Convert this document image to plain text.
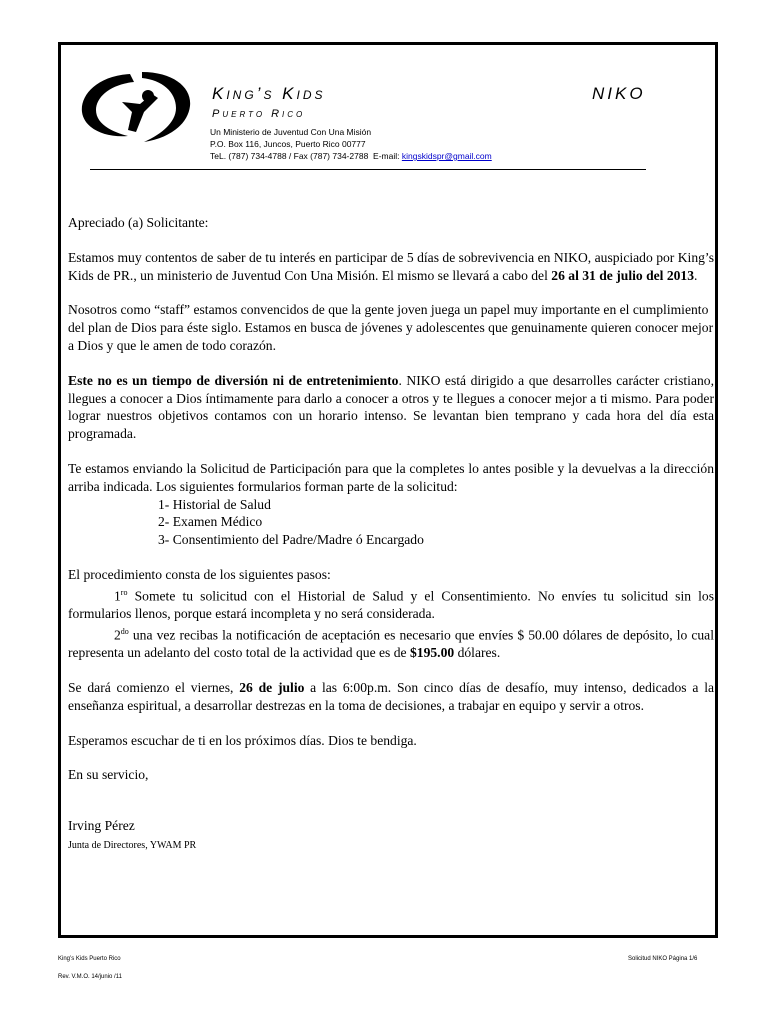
King’s Kids	NIKO
Puerto Rico
Un Ministerio de Juventud Con Una Misión
P.O. Box 116, Juncos, Puerto Rico 00777
TeL. (787) 734-4788 / Fax (787) 734-2788 E-mail: kingskidspr@gmail.com

Apreciado (a) Solicitante:

Estamos muy contentos de saber de tu interés en participar de 5 días de sobrevivencia en NIKO, auspiciado por King’s Kids de PR., un ministerio de Juventud Con Una Misión. El mismo se llevará a cabo del 26 al 31 de julio del 2013.

Nosotros como “staff” estamos convencidos de que la gente joven juega un papel muy importante en el cumplimiento del plan de Dios para éste siglo. Estamos en busca de jóvenes y adolescentes que genuinamente quieren conocer mejor a Dios y que le amen de todo corazón.

Este no es un tiempo de diversión ni de entretenimiento. NIKO está dirigido a que desarrolles carácter cristiano, llegues a conocer a Dios íntimamente para darlo a conocer a otros y te llegues a conocer mejor a ti mismo. Para poder lograr nuestros objetivos contamos con un horario intenso. Se levantan bien temprano y cada hora del día esta programada.

Te estamos enviando la Solicitud de Participación para que la completes lo antes posible y la devuelvas a la dirección arriba indicada. Los siguientes formularios forman parte de la solicitud:

1- Historial de Salud
2- Examen Médico
3- Consentimiento del Padre/Madre ó Encargado

El procedimiento consta de los siguientes pasos:

$1^{ro}$ Somete tu solicitud con el Historial de Salud y el Consentimiento. No envíes tu solicitud sin los formularios llenos, porque estará incompleta y no será considerada.

$2^{do}$ una vez recibas la notificación de aceptación es necesario que envíes $ 50.00 dólares de depósito, lo cual representa un adelanto del costo total de la actividad que es de $195.00 dólares.

Se dará comienzo el viernes, 26 de julio a las 6:00p.m. Son cinco días de desafío, muy intenso, dedicados a la enseñanza espiritual, a desarrollar destrezas en la toma de decisiones, a trabajar en equipo y servir a otros.

Esperamos escuchar de ti en los próximos días. Dios te bendiga.

En su servicio,

Irving Pérez
Junta de Directores, YWAM PR
King’s Kids Puerto Rico	Solicitud NIKO Página 1/6
Rev. V.M.O. 14/junio /11
